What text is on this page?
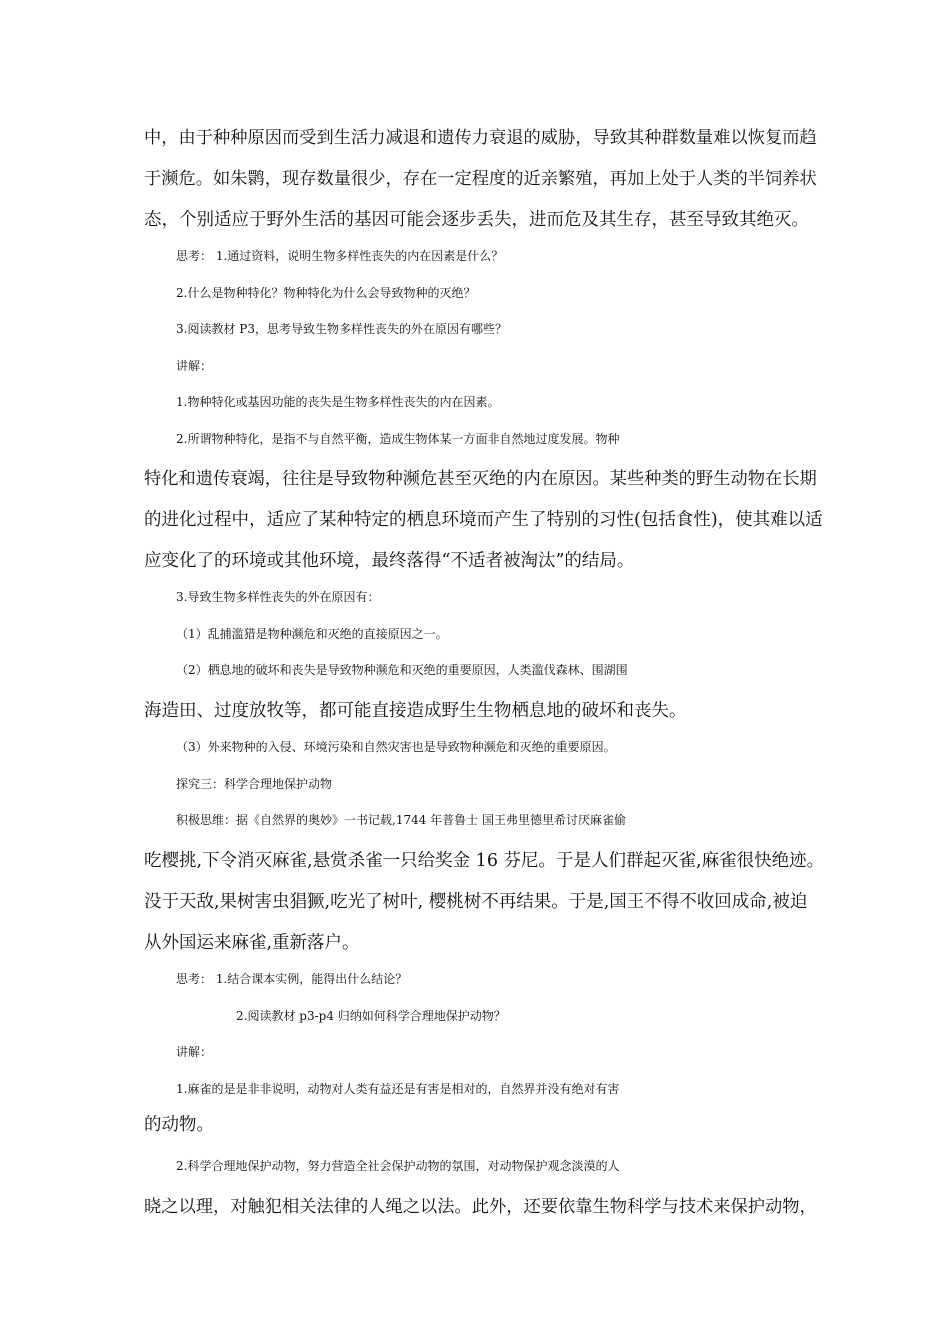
中，由于种种原因而受到生活力减退和遗传力衰退的威胁，导致其种群数量难以恢复而趋
于濒危。如朱鹮，现存数量很少，存在一定程度的近亲繁殖，再加上处于人类的半饲养状
态，个别适应于野外生活的基因可能会逐步丢失，进而危及其生存，甚至导致其绝灭。
思考： 1.通过资料，说明生物多样性丧失的内在因素是什么？
2.什么是物种特化？物种特化为什么会导致物种的灭绝？
3.阅读教材 P3，思考导致生物多样性丧失的外在原因有哪些？
讲解：
1.物种特化或基因功能的丧失是生物多样性丧失的内在因素。
2.所谓物种特化，是指不与自然平衡，造成生物体某一方面非自然地过度发展。物种
特化和遗传衰竭，往往是导致物种濒危甚至灭绝的内在原因。某些种类的野生动物在长期
的进化过程中，适应了某种特定的栖息环境而产生了特别的习性(包括食性)，使其难以适
应变化了的环境或其他环境，最终落得“不适者被淘汰”的结局。
3.导致生物多样性丧失的外在原因有：
（1）乱捕滥猎是物种濒危和灭绝的直接原因之一。
（2）栖息地的破坏和丧失是导致物种濒危和灭绝的重要原因，人类滥伐森林、围湖围
海造田、过度放牧等，都可能直接造成野生生物栖息地的破坏和丧失。
（3）外来物种的入侵、环境污染和自然灾害也是导致物种濒危和灭绝的重要原因。
探究三：科学合理地保护动物
积极思维：据《自然界的奥妙》一书记载,1744 年普鲁士 国王弗里德里希讨厌麻雀偷
吃樱挑,下令消灭麻雀,悬赏杀雀一只给奖金 16 芬尼。于是人们群起灭雀,麻雀很快绝迹。
没于天敌,果树害虫猖獗,吃光了树叶, 樱桃树不再结果。于是,国王不得不收回成命,被迫
从外国运来麻雀,重新落户。
思考： 1.结合课本实例，能得出什么结论？
2.阅读教材 p3-p4 归纳如何科学合理地保护动物？
讲解：
1.麻雀的是是非非说明，动物对人类有益还是有害是相对的，自然界并没有绝对有害
的动物。
2.科学合理地保护动物，努力营造全社会保护动物的氛围，对动物保护观念淡漠的人
晓之以理，对触犯相关法律的人绳之以法。此外，还要依靠生物科学与技术来保护动物，
